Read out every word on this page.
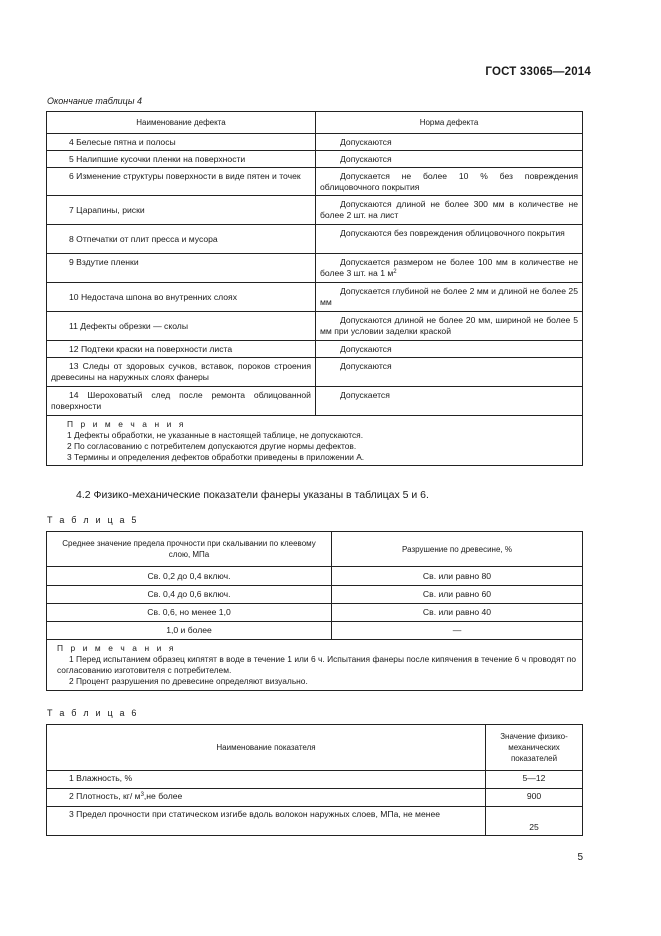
ГОСТ 33065—2014
Окончание таблицы 4
Наименование дефекта	Норма дефекта
4 Белесые пятна и полосы	Допускаются
5 Налипшие кусочки пленки на поверхности	Допускаются
6 Изменение структуры поверхности в виде пятен и точек	Допускается не более 10 % без повреждения облицовочного покрытия
7 Царапины, риски	Допускаются длиной не более 300 мм в количестве не более 2 шт. на лист
8 Отпечатки от плит пресса и мусора	Допускаются без повреждения облицовочного покрытия
9 Вздутие пленки	Допускается размером не более 100 мм в количестве не более 3 шт. на 1 $м^2$
10 Недостача шпона во внутренних слоях	Допускается глубиной не более 2 мм и длиной не более 25 мм
11 Дефекты обрезки — сколы	Допускаются длиной не более 20 мм, шириной не более 5 мм при условии заделки краской
12 Подтеки краски на поверхности листа	Допускаются
13 Следы от здоровых сучков, вставок, пороков строения древесины на наружных слоях фанеры	Допускаются
14 Шероховатый след после ремонта облицованной поверхности	Допускается

П р и м е ч а н и я
1 Дефекты обработки, не указанные в настоящей таблице, не допускаются.
2 По согласованию с потребителем допускаются другие нормы дефектов.
3 Термины и определения дефектов обработки приведены в приложении А.	
4.2 Физико-механические показатели фанеры указаны в таблицах 5 и 6.
Т а б л и ц а 5
Среднее значение предела прочности при скалывании по клеевому слою, МПа	Разрушение по древесине, %
Св. 0,2 до 0,4 включ.	Св. или равно 80
Св. 0,4 до 0,6 включ.	Св. или равно 60
Св. 0,6, но менее 1,0	Св. или равно 40
1,0 и более	—

П р и м е ч а н и я
1 Перед испытанием образец кипятят в воде в течение 1 или 6 ч. Испытания фанеры после кипячения в течение 6 ч проводят по согласованию изготовителя с потребителем.
2 Процент разрушения по древесине определяют визуально.	
Т а б л и ц а 6
Наименование показателя	Значение физико-механических показателей
1 Влажность, %	5—12
2 Плотность, кг/ $м^3,не$ более	900
3 Предел прочности при статическом изгибе вдоль волокон наружных слоев, МПа, не менее	25
5
